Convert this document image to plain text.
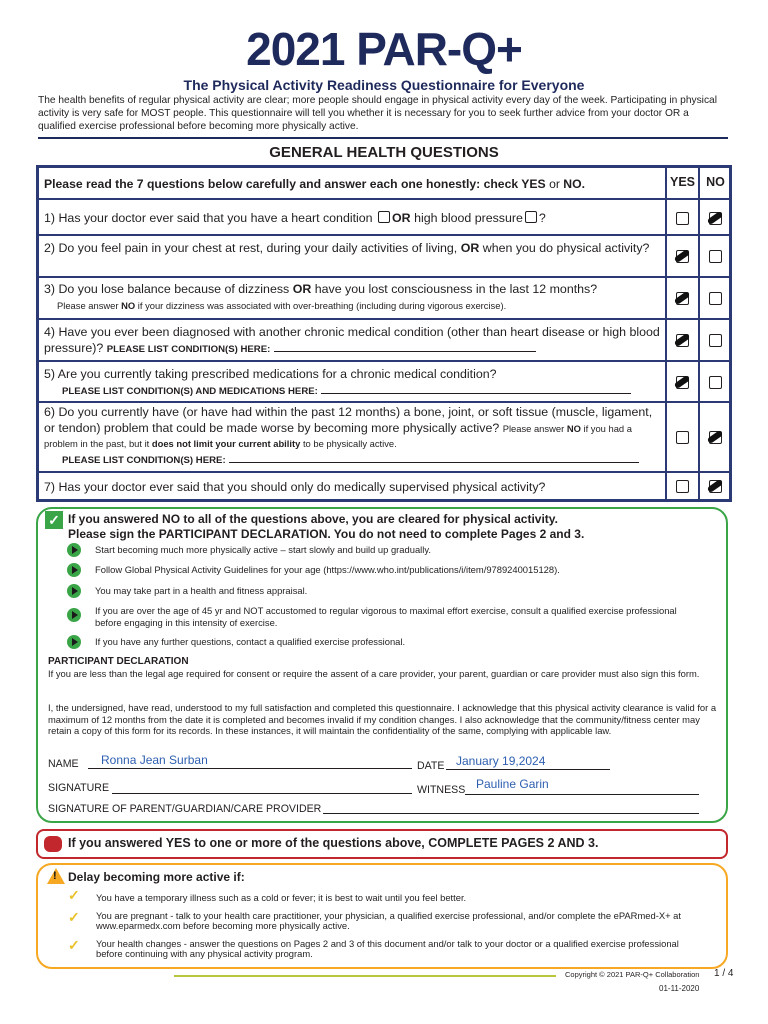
2021 PAR-Q+
The Physical Activity Readiness Questionnaire for Everyone
The health benefits of regular physical activity are clear; more people should engage in physical activity every day of the week. Participating in physical activity is very safe for MOST people. This questionnaire will tell you whether it is necessary for you to seek further advice from your doctor OR a qualified exercise professional before becoming more physically active.
GENERAL HEALTH QUESTIONS
Please read the 7 questions below carefully and answer each one honestly: check YES or NO.	YES NO
1) Has your doctor ever said that you have a heart condition OR high blood pressure ?
2) Do you feel pain in your chest at rest, during your daily activities of living, OR when you do physical activity?
3) Do you lose balance because of dizziness OR have you lost consciousness in the last 12 months?
Please answer NO if your dizziness was associated with over-breathing (including during vigorous exercise).
4) Have you ever been diagnosed with another chronic medical condition (other than heart disease or high blood pressure)? PLEASE LIST CONDITION(S) HERE:
5) Are you currently taking prescribed medications for a chronic medical condition?
PLEASE LIST CONDITION(S) AND MEDICATIONS HERE:
6) Do you currently have (or have had within the past 12 months) a bone, joint, or soft tissue (muscle, ligament, or tendon) problem that could be made worse by becoming more physically active? Please answer NO if you had a problem in the past, but it does not limit your current ability to be physically active.
PLEASE LIST CONDITION(S) HERE:
7) Has your doctor ever said that you should only do medically supervised physical activity?
✓ If you answered NO to all of the questions above, you are cleared for physical activity.
Please sign the PARTICIPANT DECLARATION. You do not need to complete Pages 2 and 3.
Start becoming much more physically active – start slowly and build up gradually.
Follow Global Physical Activity Guidelines for your age (https://www.who.int/publications/i/item/9789240015128).
You may take part in a health and fitness appraisal.
If you are over the age of 45 yr and NOT accustomed to regular vigorous to maximal effort exercise, consult a qualified exercise professional before engaging in this intensity of exercise.
If you have any further questions, contact a qualified exercise professional.
PARTICIPANT DECLARATION
If you are less than the legal age required for consent or require the assent of a care provider, your parent, guardian or care provider must also sign this form.
I, the undersigned, have read, understood to my full satisfaction and completed this questionnaire. I acknowledge that this physical activity clearance is valid for a maximum of 12 months from the date it is completed and becomes invalid if my condition changes. I also acknowledge that the community/fitness center may retain a copy of this form for its records. In these instances, it will maintain the confidentiality of the same, complying with applicable law.
NAME Ronna Jean Surban	DATE January 19,2024
SIGNATURE	WITNESS Pauline Garin
SIGNATURE OF PARENT/GUARDIAN/CARE PROVIDER
If you answered YES to one or more of the questions above, COMPLETE PAGES 2 AND 3.
! Delay becoming more active if:
✓ You have a temporary illness such as a cold or fever; it is best to wait until you feel better.
✓ You are pregnant - talk to your health care practitioner, your physician, a qualified exercise professional, and/or complete the ePARmed-X+ at www.eparmedx.com before becoming more physically active.
✓ Your health changes - answer the questions on Pages 2 and 3 of this document and/or talk to your doctor or a qualified exercise professional before continuing with any physical activity program.
Copyright © 2021 PAR-Q+ Collaboration 1 / 4
01-11-2020
